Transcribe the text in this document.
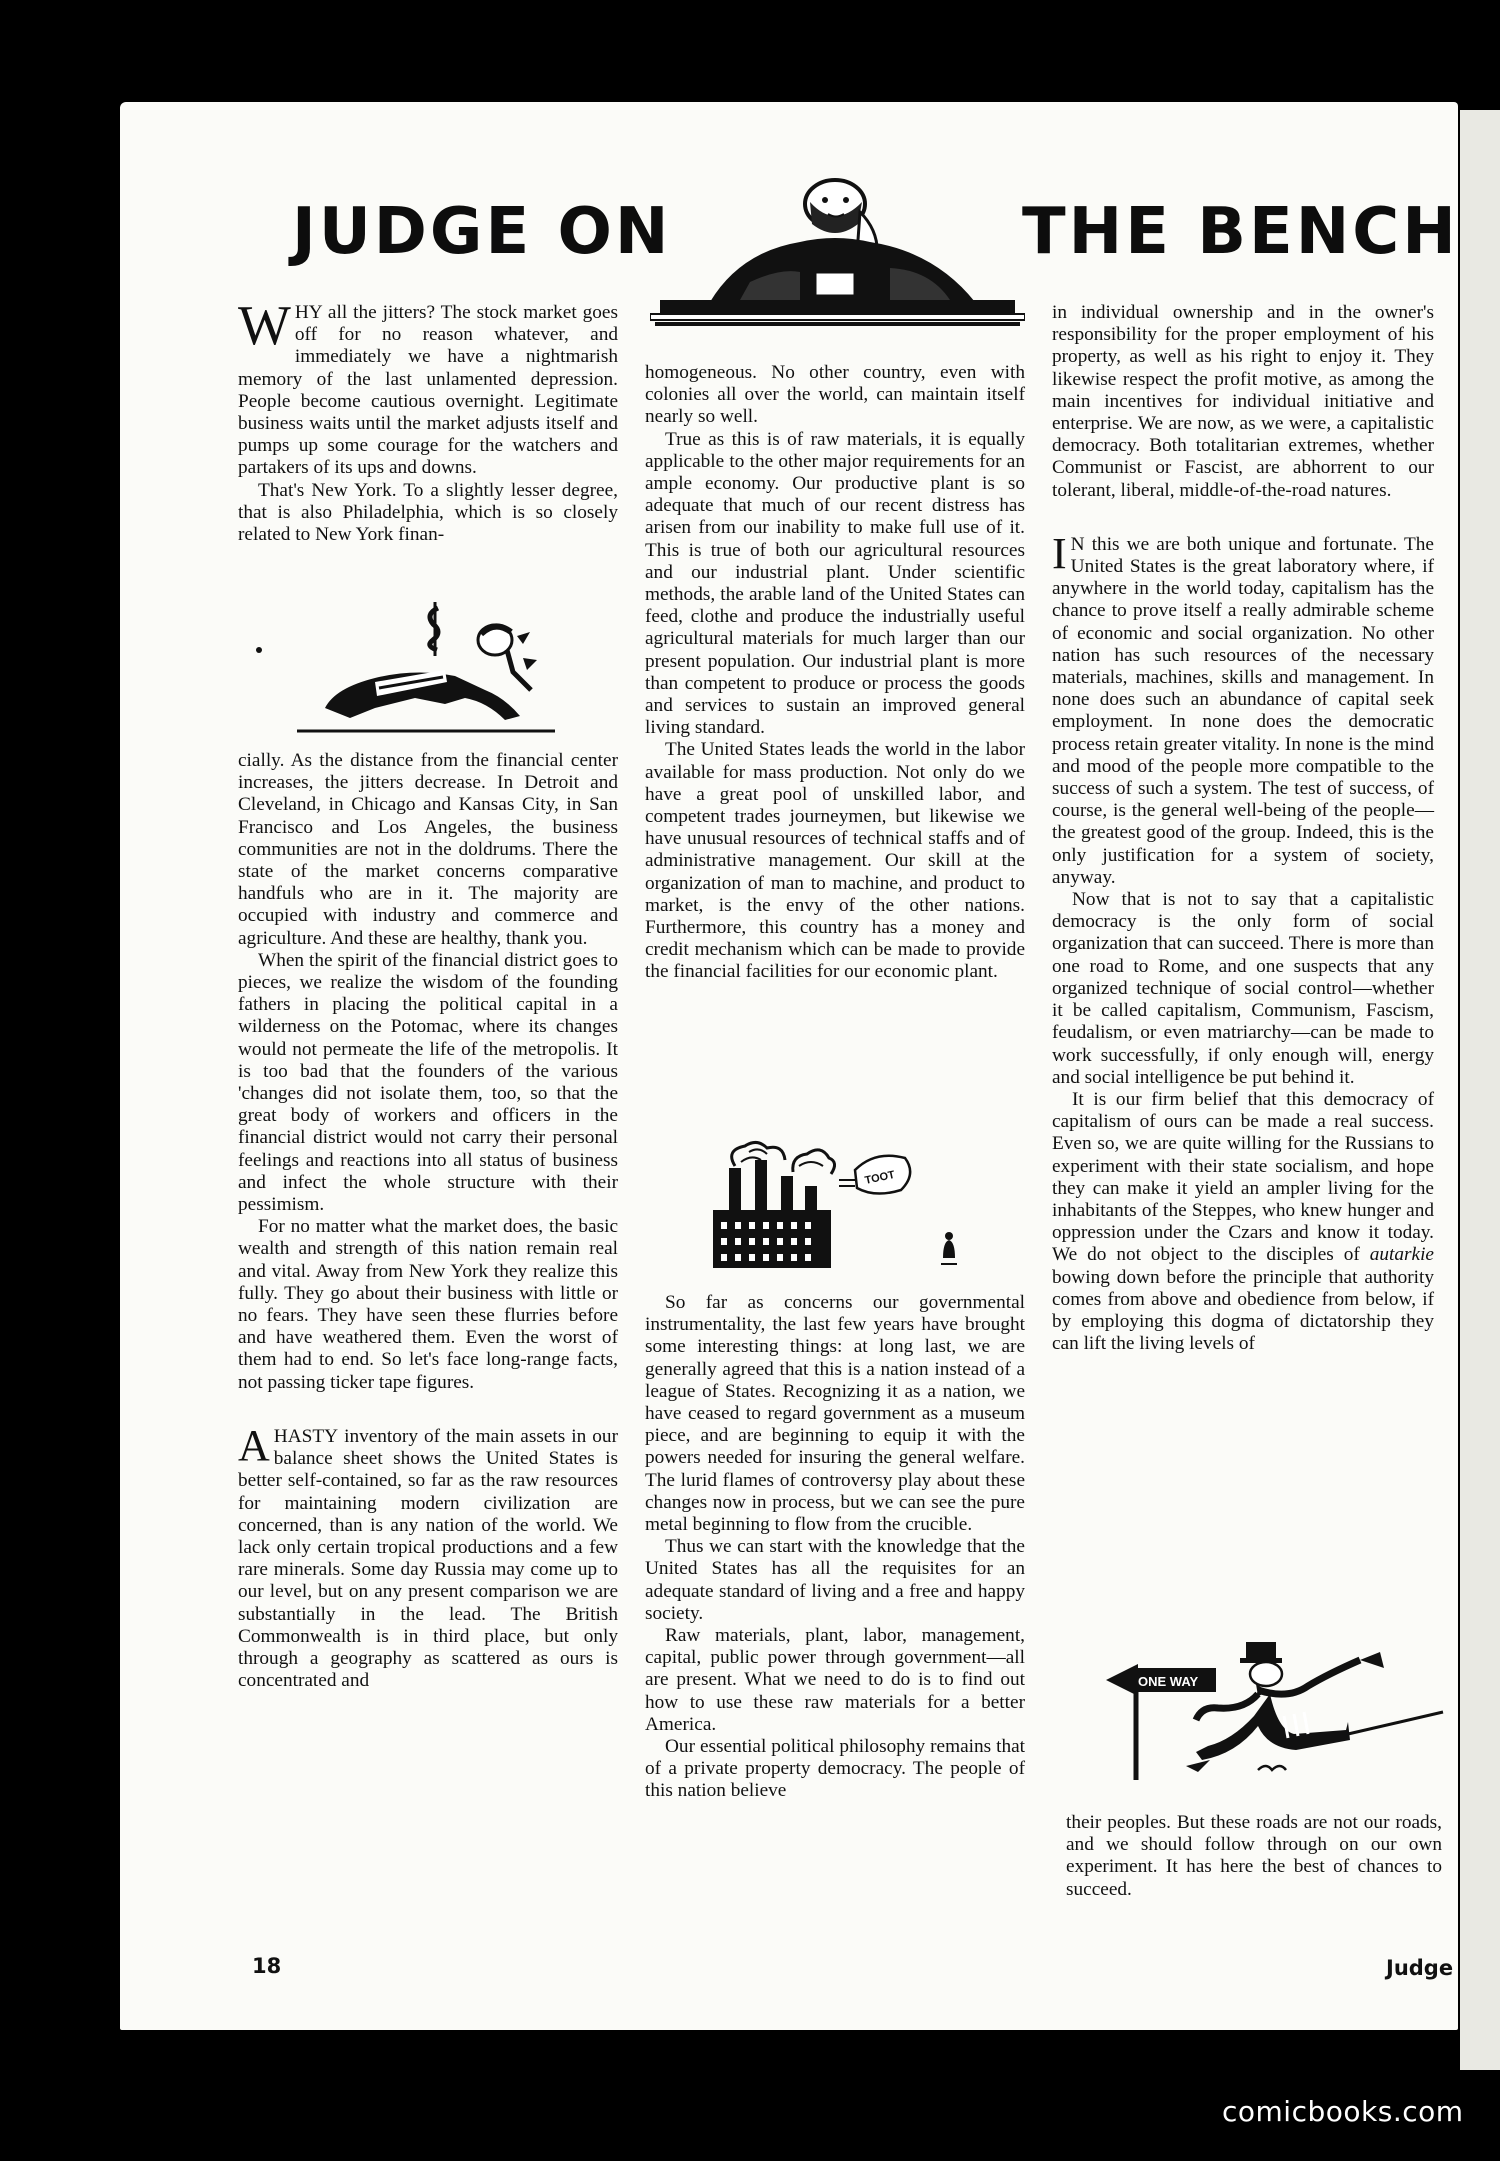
JUDGE ON	THE BENCH

WHY all the jitters? The stock market goes off for no reason whatever, and immediately we have a nightmarish memory of the last unlamented depression. People become cautious overnight. Legitimate business waits until the market adjusts itself and pumps up some courage for the watchers and partakers of its ups and downs.

That's New York. To a slightly lesser degree, that is also Philadelphia, which is so closely related to New York finan-

cially. As the distance from the financial center increases, the jitters decrease. In Detroit and Cleveland, in Chicago and Kansas City, in San Francisco and Los Angeles, the business communities are not in the doldrums. There the state of the market concerns comparative handfuls who are in it. The majority are occupied with industry and commerce and agriculture. And these are healthy, thank you.

When the spirit of the financial district goes to pieces, we realize the wisdom of the founding fathers in placing the political capital in a wilderness on the Potomac, where its changes would not permeate the life of the metropolis. It is too bad that the founders of the various 'changes did not isolate them, too, so that the great body of workers and officers in the financial district would not carry their personal feelings and reactions into all status of business and infect the whole structure with their pessimism.

For no matter what the market does, the basic wealth and strength of this nation remain real and vital. Away from New York they realize this fully. They go about their business with little or no fears. They have seen these flurries before and have weathered them. Even the worst of them had to end. So let's face long-range facts, not passing ticker tape figures.

AHASTY inventory of the main assets in our balance sheet shows the United States is better self-contained, so far as the raw resources for maintaining modern civilization are concerned, than is any nation of the world. We lack only certain tropical productions and a few rare minerals. Some day Russia may come up to our level, but on any present comparison we are substantially in the lead. The British Commonwealth is in third place, but only through a geography as scattered as ours is concentrated and

homogeneous. No other country, even with colonies all over the world, can maintain itself nearly so well.

True as this is of raw materials, it is equally applicable to the other major requirements for an ample economy. Our productive plant is so adequate that much of our recent distress has arisen from our inability to make full use of it. This is true of both our agricultural resources and our industrial plant. Under scientific methods, the arable land of the United States can feed, clothe and produce the industrially useful agricultural materials for much larger than our present population. Our industrial plant is more than competent to produce or process the goods and services to sustain an improved general living standard.

The United States leads the world in the labor available for mass production. Not only do we have a great pool of unskilled labor, and competent trades journeymen, but likewise we have unusual resources of technical staffs and of administrative management. Our skill at the organization of man to machine, and product to market, is the envy of the other nations. Furthermore, this country has a money and credit mechanism which can be made to provide the financial facilities for our economic plant.

TOOT

So far as concerns our governmental instrumentality, the last few years have brought some interesting things: at long last, we are generally agreed that this is a nation instead of a league of States. Recognizing it as a nation, we have ceased to regard government as a museum piece, and are beginning to equip it with the powers needed for insuring the general welfare. The lurid flames of controversy play about these changes now in process, but we can see the pure metal beginning to flow from the crucible.

Thus we can start with the knowledge that the United States has all the requisites for an adequate standard of living and a free and happy society.

Raw materials, plant, labor, management, capital, public power through government—all are present. What we need to do is to find out how to use these raw materials for a better America.

Our essential political philosophy remains that of a private property democracy. The people of this nation believe

in individual ownership and in the owner's responsibility for the proper employment of his property, as well as his right to enjoy it. They likewise respect the profit motive, as among the main incentives for individual initiative and enterprise. We are now, as we were, a capitalistic democracy. Both totalitarian extremes, whether Communist or Fascist, are abhorrent to our tolerant, liberal, middle-of-the-road natures.

I N this we are both unique and fortunate. The United States is the great laboratory where, if anywhere in the world today, capitalism has the chance to prove itself a really admirable scheme of economic and social organization. No other nation has such resources of the necessary materials, machines, skills and management. In none does such an abundance of capital seek employment. In none does the democratic process retain greater vitality. In none is the mind and mood of the people more compatible to the success of such a system. The test of success, of course, is the general well-being of the people—the greatest good of the group. Indeed, this is the only justification for a system of society, anyway.

Now that is not to say that a capitalistic democracy is the only form of social organization that can succeed. There is more than one road to Rome, and one suspects that any organized technique of social control—whether it be called capitalism, Communism, Fascism, feudalism, or even matriarchy—can be made to work successfully, if only enough will, energy and social intelligence be put behind it.

It is our firm belief that this democracy of capitalism of ours can be made a real success. Even so, we are quite willing for the Russians to experiment with their state socialism, and hope they can make it yield an ampler living for the inhabitants of the Steppes, who knew hunger and oppression under the Czars and know it today. We do not object to the disciples of autarkie bowing down before the principle that authority comes from above and obedience from below, if by employing this dogma of dictatorship they can lift the living levels of

ONE WAY

their peoples. But these roads are not our roads, and we should follow through on our own experiment. It has here the best of chances to succeed.

18	Judge
comicbooks.com
